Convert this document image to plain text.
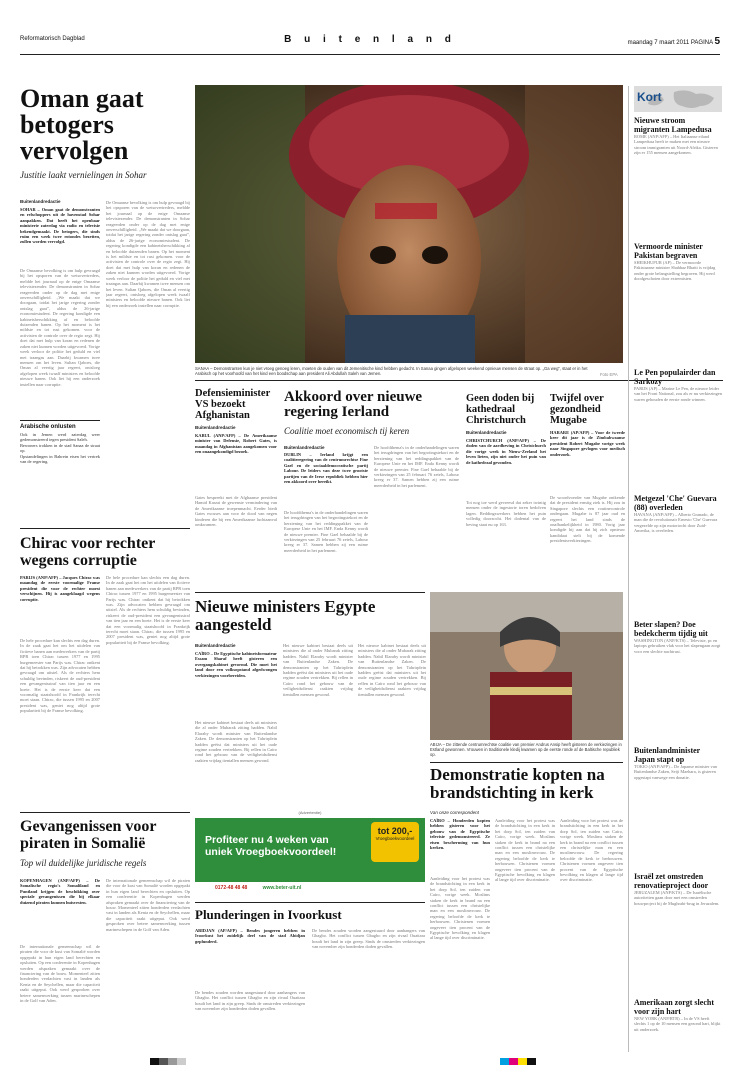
Reformatorisch Dagblad	B u i t e n l a n d	maandag 7 maart 2011 PAGINA 5
Oman gaat betogers vervolgen
Justitie laakt vernielingen in Sohar
Buitenlandredactie
SOHAR – Oman gaat de demonstranten en relschoppers uit de havenstad Sohar aanpakken. Dat heeft het openbaar ministerie zaterdag via radio en televisie bekendgemaakt. De betogers, die sinds ruim een week twee rotondes bezetten, zullen worden vervolgd.
De Omaanse bevolking is om hulp gevraagd bij het opsporen van de wetsovertreders, meldde het journaal op de enige Omaanse televisiezender. De demonstranten in Sohar reageerden onder op de dag met enige onverschilligheid. „We maakt dat we doorgaan, totdat het jarige regering zonder ontslag gaat”, aldus de 26-jarige economiestudent. De regering kondigde een kabinetsherschikking af en beloofde duizenden banen. Op het moment is het mildste en tot rust gekomen. voor de activisten de controle over de regio zegt. Hij doet dat met hulp van koran en redenen de zaken niet kunnen worden uitgevoerd. Vorige week verloor de politie het geduld en viel met traangas aan. Daarbij kwamen twee mensen om het leven. Sultan Qaboes, die Oman al veertig jaar regeert, ontsloeg afgelopen week twaalf ministers en beloofde nieuwe banen. Ook liet hij een onderzoek instellen naar corruptie.
De Omaanse bevolking is om hulp gevraagd bij het opsporen van de wetsovertreders, meldde het journaal op de enige Omaanse televisiezender. De demonstranten in Sohar reageerden onder op de dag met enige onverschilligheid. „We maakt dat we doorgaan, totdat het jarige regering zonder ontslag gaat”, aldus de 26-jarige economiestudent. De regering kondigde een kabinetsherschikking af en beloofde duizenden banen. Op het moment is het mildste en tot rust gekomen. voor de activisten de controle over de regio zegt. Hij doet dat met hulp van koran en redenen de zaken niet kunnen worden uitgevoerd. Vorige week verloor de politie het geduld en viel met traangas aan. Daarbij kwamen twee mensen om het leven. Sultan Qaboes, die Oman al veertig jaar regeert, ontsloeg afgelopen week twaalf ministers en beloofde nieuwe banen. Ook liet hij een onderzoek instellen naar corruptie.
Arabische onlusten
Ook in Jemen werd zaterdag weer gedemonstreerd tegen president Saleh.
Bewoners trokken in de stad Sanaa de straat op.
Opstandelingen in Bahrein eisen het vertrek van de regering.
SANAA – Demonstranten kun je niet vroeg genoeg leren, moeten de ouden van dit Jemenitische kind hebben gedacht. In Sanaa gingen afgelopen weekend opnieuw mensen de straat op. „Ga weg”, staat er in het Arabisch op het voorhoofd van het kind een boodschap aan president Ali Abdullah Saleh van Jemen.	Foto EPA
Kort
Nieuwe stroom migranten Lampedusa
ROME (ANP/AFP) – Het Italiaanse eiland Lampedusa heeft te maken met een nieuwe stroom immigranten uit Noord-Afrika. Gisteren zijn er 155 mensen aangekomen.
Vermoorde minister Pakistan begraven
SHEIKHUPUR (AP) – De vermoorde Pakistaanse minister Shahbaz Bhatti is vrijdag onder grote belangstelling begraven. Hij werd doodgeschoten door extremisten.
Le Pen populairder dan Sarkozy
PARIJS (AP) – Marine Le Pen, de nieuwe leider van het Front National, zou als er nu verkiezingen waren gehouden de eerste ronde winnen.
Metgezel 'Che' Guevara (88) overleden
HAVANA (ANP/AFP) – Alberto Granado, de man die de revolutionair Ernesto 'Che' Guevara vergezelde op zijn motortocht door Zuid-Amerika, is overleden.
Beter slapen? Doe bedekcherm tijdig uit
WASHINGTON (ANP/KTS) – Televisie, pc en laptops gebruiken vlak voor het slapengaan zorgt voor een slechte nachtrust.
Buitenlandminister Japan stapt op
TOKIO (ANP/AFP) – De Japanse minister van Buitenlandse Zaken, Seiji Maehara, is gisteren opgestapt vanwege een donatie.
Israël zet omstreden renovatieproject door
JERUZALEM (ANP/KTS) – De Israëlische autoriteiten gaan door met een omstreden bouwproject bij de Mughrabi-brug in Jeruzalem.
Amerikaan zorgt slecht voor zijn hart
NEW YORK (ANP/RTR) – In de VS heeft slechts 1 op de 10 mensen een gezond hart, blijkt uit onderzoek.
Defensieminister VS bezoekt Afghanistan
Buitenlandredactie
KABUL (ANP/AFP) – De Amerikaanse minister van Defensie, Robert Gates, is maandag in Afghanistan aangekomen voor een onaangekondigd bezoek.
Gates bespreekt met de Afghaanse president Hamid Karzai de gewenste vermindering van de Amerikaanse troepenmacht. Eerder biedt Gates excuses aan voor de dood van negen kinderen die bij een Amerikaanse luchtaanval omkwamen.
Akkoord over nieuwe regering Ierland
Coalitie moet economisch tij keren
Buitenlandredactie
DUBLIN – Ierland krijgt een coalitieregering van de centrumrechtse Fine Gael en de sociaaldemocratische partij Labour. De leiders van deze twee grootste partijen van de Ierse republiek hebben hier een akkoord over bereikt.
De hoofdthema's in de onderhandelingen waren het terugdringen van het begrotingstekort en de herziening van het reddingspakket van de Europese Unie en het IMF. Enda Kenny wordt de nieuwe premier. Fine Gael behaalde bij de verkiezingen van 25 februari 76 zetels, Labour kreeg er 37. Samen hebben zij een ruime meerderheid in het parlement.
De hoofdthema's in de onderhandelingen waren het terugdringen van het begrotingstekort en de herziening van het reddingspakket van de Europese Unie en het IMF. Enda Kenny wordt de nieuwe premier. Fine Gael behaalde bij de verkiezingen van 25 februari 76 zetels, Labour kreeg er 37. Samen hebben zij een ruime meerderheid in het parlement.
Geen doden bij kathedraal Christchurch
Buitenlandredactie
CHRISTCHURCH (ANP/AFP) – De doden van de aardbeving in Christchurch die vorige week in Nieuw-Zeeland het leven lieten, zijn niet onder het puin van de kathedraal gevonden.
Tot nog toe werd gevreesd dat zeker twintig mensen onder de ingestorte toren bedolven lagen. Reddingswerkers hebben het puin volledig doorzocht. Het dodental van de beving staat nu op 163.
Twijfel over gezondheid Mugabe
HARARE (AP/AFP) – Voor de tweede keer dit jaar is de Zimbabwaanse president Robert Mugabe vorige week naar Singapore gevlogen voor medisch onderzoek.
De woordvoerder van Mugabe ontkende dat de president ernstig ziek is. Hij zou in Singapore slechts een routinecontrole ondergaan. Mugabe is 87 jaar oud en regeert het land sinds de onafhankelijkheid in 1980. Vorig jaar kondigde hij aan dat hij zich opnieuw kandidaat stelt bij de komende presidentsverkiezingen.
Chirac voor rechter wegens corruptie
PARIJS (ANP/AFP) – Jacques Chirac was maandag de eerste voormalige Franse president die voor de rechter moest verschijnen. Hij is aangeklaagd wegens corruptie.
De hele procedure kan slechts een dag duren. In de zaak gaat het om het uitdelen van fictieve banen aan medewerkers van de partij RPR toen Chirac tussen 1977 en 1995 burgemeester van Parijs was. Chirac ontkent dat hij betrokken was. Zijn advocaten hebben gevraagd om uitstel. Als de rechters hem schuldig bevinden, riskeert de oud-president een gevangenisstraf van tien jaar en een boete. Het is de eerste keer dat een voormalig staatshoofd in Frankrijk terecht moet staan. Chirac, die tussen 1995 en 2007 president was, geniet nog altijd grote populariteit bij de Franse bevolking.
De hele procedure kan slechts een dag duren. In de zaak gaat het om het uitdelen van fictieve banen aan medewerkers van de partij RPR toen Chirac tussen 1977 en 1995 burgemeester van Parijs was. Chirac ontkent dat hij betrokken was. Zijn advocaten hebben gevraagd om uitstel. Als de rechters hem schuldig bevinden, riskeert de oud-president een gevangenisstraf van tien jaar en een boete. Het is de eerste keer dat een voormalig staatshoofd in Frankrijk terecht moet staan. Chirac, die tussen 1995 en 2007 president was, geniet nog altijd grote populariteit bij de Franse bevolking.
Nieuwe ministers Egypte aangesteld
Buitenlandredactie
CAÏRO – De Egyptische kabinetsformateur Essam Sharaf heeft gisteren een overgangskabinet gevormd. Die moet het land door een volksopstand afgedwongen verkiezingen voorbereiden.
Het nieuwe kabinet bestaat deels uit ministers die al onder Mubarak zitting hadden. Nabil Elaraby wordt minister van Buitenlandse Zaken. De demonstranten op het Tahrirplein hadden geëist dat ministers uit het oude regime zouden vertrekken. Bij rellen in Caïro rond het gebouw van de veiligheidsdienst raakten vrijdag tientallen mensen gewond.
Het nieuwe kabinet bestaat deels uit ministers die al onder Mubarak zitting hadden. Nabil Elaraby wordt minister van Buitenlandse Zaken. De demonstranten op het Tahrirplein hadden geëist dat ministers uit het oude regime zouden vertrekken. Bij rellen in Caïro rond het gebouw van de veiligheidsdienst raakten vrijdag tientallen mensen gewond.
Het nieuwe kabinet bestaat deels uit ministers die al onder Mubarak zitting hadden. Nabil Elaraby wordt minister van Buitenlandse Zaken. De demonstranten op het Tahrirplein hadden geëist dat ministers uit het oude regime zouden vertrekken. Bij rellen in Caïro rond het gebouw van de veiligheidsdienst raakten vrijdag tientallen mensen gewond.
ABIJA – De zittende centrumrechtse coalitie van premier Andrus Ansip heeft gisteren de verkiezingen in Estland gewonnen. Vrouwen in traditionele kledij kwamen op de eerste ronde af de Baltische republiek op.
(Advertentie)
Profiteer nu 4 weken van uniek Vroegboekvoordeel!
tot 200,-
Vroegboekvoordeel
0172-48 48 48	www.beter-uit.nl
Demonstratie kopten na brandstichting in kerk
Van onze correspondent
CAÏRO – Honderden kopten hebben gisteren voor het gebouw van de Egyptische televisie gedemonstreerd. Ze eisen bescherming van hun kerken.
Aanleiding voor het protest was de brandstichting in een kerk in het dorp Sol, ten zuiden van Caïro, vorige week. Moslims staken de kerk in brand na een conflict tussen een christelijke man en een moslimvrouw. De regering beloofde de kerk te herbouwen. Christenen vormen ongeveer tien procent van de Egyptische bevolking en klagen al lange tijd over discriminatie.
Aanleiding voor het protest was de brandstichting in een kerk in het dorp Sol, ten zuiden van Caïro, vorige week. Moslims staken de kerk in brand na een conflict tussen een christelijke man en een moslimvrouw. De regering beloofde de kerk te herbouwen. Christenen vormen ongeveer tien procent van de Egyptische bevolking en klagen al lange tijd over discriminatie.
Aanleiding voor het protest was de brandstichting in een kerk in het dorp Sol, ten zuiden van Caïro, vorige week. Moslims staken de kerk in brand na een conflict tussen een christelijke man en een moslimvrouw. De regering beloofde de kerk te herbouwen. Christenen vormen ongeveer tien procent van de Egyptische bevolking en klagen al lange tijd over discriminatie.
Gevangenissen voor piraten in Somalië
Top wil duidelijke juridische regels
KOPENHAGEN (ANP/AFP) – De Somalische regio's Somaliland en Puntland krijgen de beschikking over speciale gevangenissen die bij elkaar duizend piraten kunnen huisvesten.
De internationale gemeenschap wil de piraten die voor de kust van Somalië worden opgepakt in hun eigen land berechten en opsluiten. Op een conferentie in Kopenhagen werden afspraken gemaakt over de financiering van de bouw. Momenteel zitten honderden verdachten vast in landen als Kenia en de Seychellen, maar die capaciteit raakt uitgeput. Ook werd gesproken over betere samenwerking tussen marineschepen in de Golf van Aden.
De internationale gemeenschap wil de piraten die voor de kust van Somalië worden opgepakt in hun eigen land berechten en opsluiten. Op een conferentie in Kopenhagen werden afspraken gemaakt over de financiering van de bouw. Momenteel zitten honderden verdachten vast in landen als Kenia en de Seychellen, maar die capaciteit raakt uitgeput. Ook werd gesproken over betere samenwerking tussen marineschepen in de Golf van Aden.
Plunderingen in Ivoorkust
ABIDJAN (AP/AFP) – Bendes jongeren hebben in Ivoorkust het zuidelijk deel van de stad Abidjan geplunderd.
De bendes zouden worden aangestuurd door aanhangers van Gbagbo. Het conflict tussen Gbagbo en zijn rivaal Ouattara houdt het land in zijn greep. Sinds de omstreden verkiezingen van november zijn honderden doden gevallen.
De bendes zouden worden aangestuurd door aanhangers van Gbagbo. Het conflict tussen Gbagbo en zijn rivaal Ouattara houdt het land in zijn greep. Sinds de omstreden verkiezingen van november zijn honderden doden gevallen.
